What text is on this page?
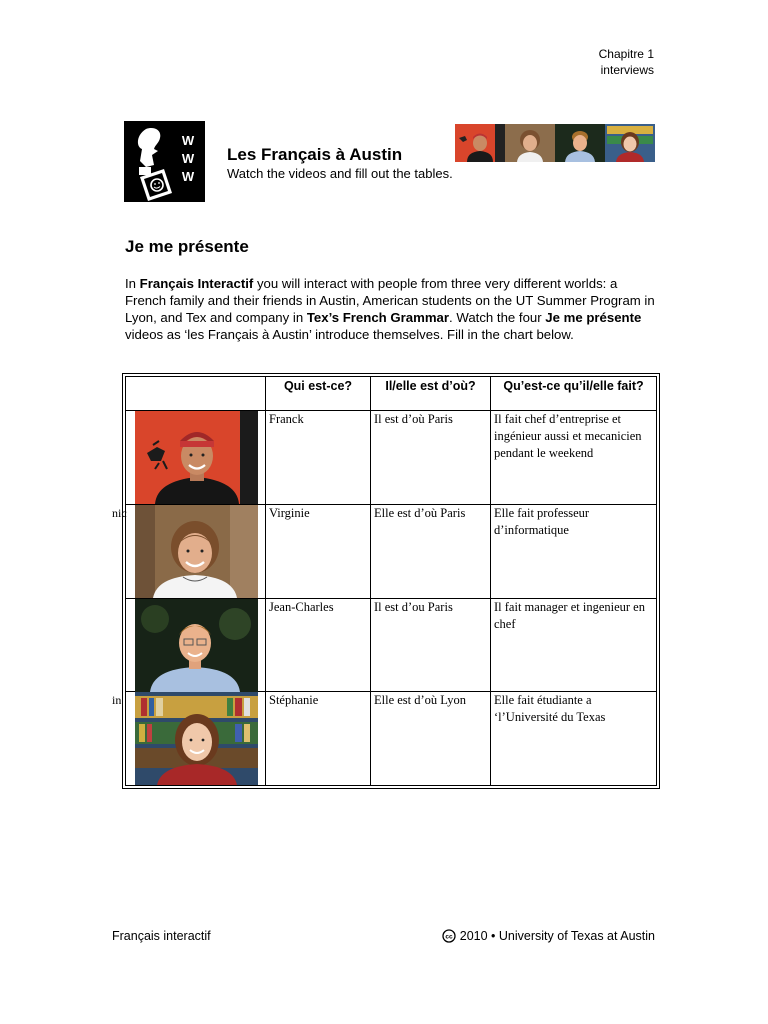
Chapitre 1
interviews
W
W
W
Les Français à Austin
Watch the videos and fill out the tables.
Je me présente
In Français Interactif you will interact with people from three very different worlds: a French family and their friends in Austin, American students on the UT Summer Program in Lyon, and Tex and company in Tex’s French Grammar. Watch the four Je me présente videos as ‘les Français à Austin’ introduce themselves. Fill in the chart below.
	Qui est-ce?	Il/elle est d’où?	Qu’est-ce qu’il/elle fait?

	Franck	Il est d’où Paris	Il fait chef d’entreprise et ingénieur aussi et mecanicien pendant le weekend

nic	Virginie	Elle est d’où Paris	Elle fait professeur d’informatique

	Jean-Charles	Il est d’ou Paris	Il fait manager et ingenieur en chef

in	Stéphanie	Elle est d’où Lyon	Elle fait étudiante a ‘l’Université du Texas
Français interactif	cc 2010 • University of Texas at Austin
